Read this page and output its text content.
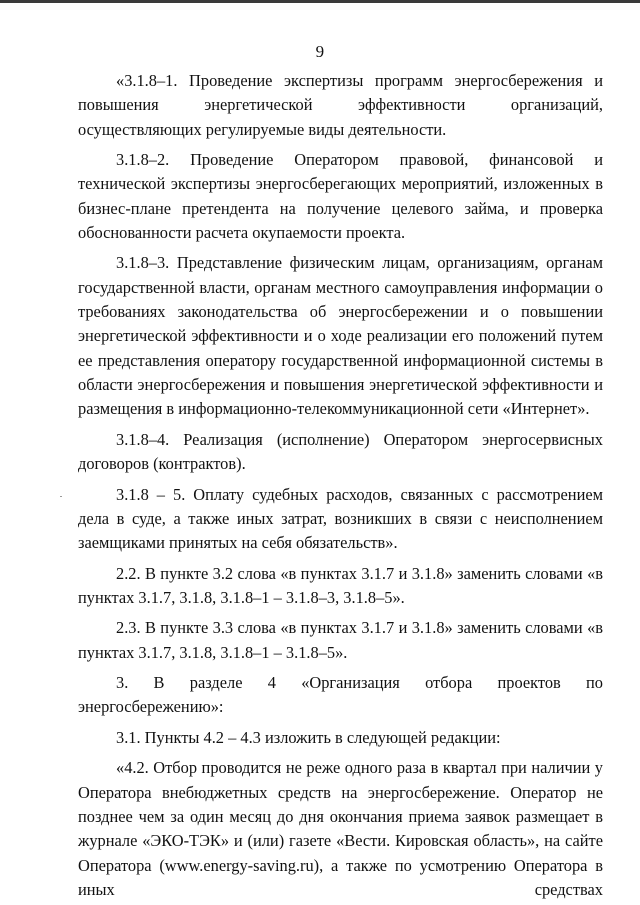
9

«3.1.8–1. Проведение экспертизы программ энергосбережения и повышения энергетической эффективности организаций, осуществляющих регулируемые виды деятельности.

3.1.8–2. Проведение Оператором правовой, финансовой и технической экспертизы энергосберегающих мероприятий, изложенных в бизнес-плане претендента на получение целевого займа, и проверка обоснованности расчета окупаемости проекта.

3.1.8–3. Представление физическим лицам, организациям, органам государственной власти, органам местного самоуправления информации о требованиях законодательства об энергосбережении и о повышении энергетической эффективности и о ходе реализации его положений путем ее представления оператору государственной информационной системы в области энергосбережения и повышения энергетической эффективности и размещения в информационно-телекоммуникационной сети «Интернет».

3.1.8–4. Реализация (исполнение) Оператором энергосервисных договоров (контрактов).

3.1.8 – 5. Оплату судебных расходов, связанных с рассмотрением дела в суде, а также иных затрат, возникших в связи с неисполнением заемщиками принятых на себя обязательств».

2.2. В пункте 3.2 слова «в пунктах 3.1.7 и 3.1.8» заменить словами «в пунктах 3.1.7, 3.1.8, 3.1.8–1 – 3.1.8–3, 3.1.8–5».

2.3. В пункте 3.3 слова «в пунктах 3.1.7 и 3.1.8» заменить словами «в пунктах 3.1.7, 3.1.8, 3.1.8–1 – 3.1.8–5».

3. В разделе 4 «Организация отбора проектов по энергосбережению»:

3.1. Пункты 4.2 – 4.3 изложить в следующей редакции:

«4.2. Отбор проводится не реже одного раза в квартал при наличии у Оператора внебюджетных средств на энергосбережение. Оператор не позднее чем за один месяц до дня окончания приема заявок размещает в журнале «ЭКО-ТЭК» и (или) газете «Вести. Кировская область», на сайте Оператора (www.energy-saving.ru), а также по усмотрению Оператора в иных средствах
